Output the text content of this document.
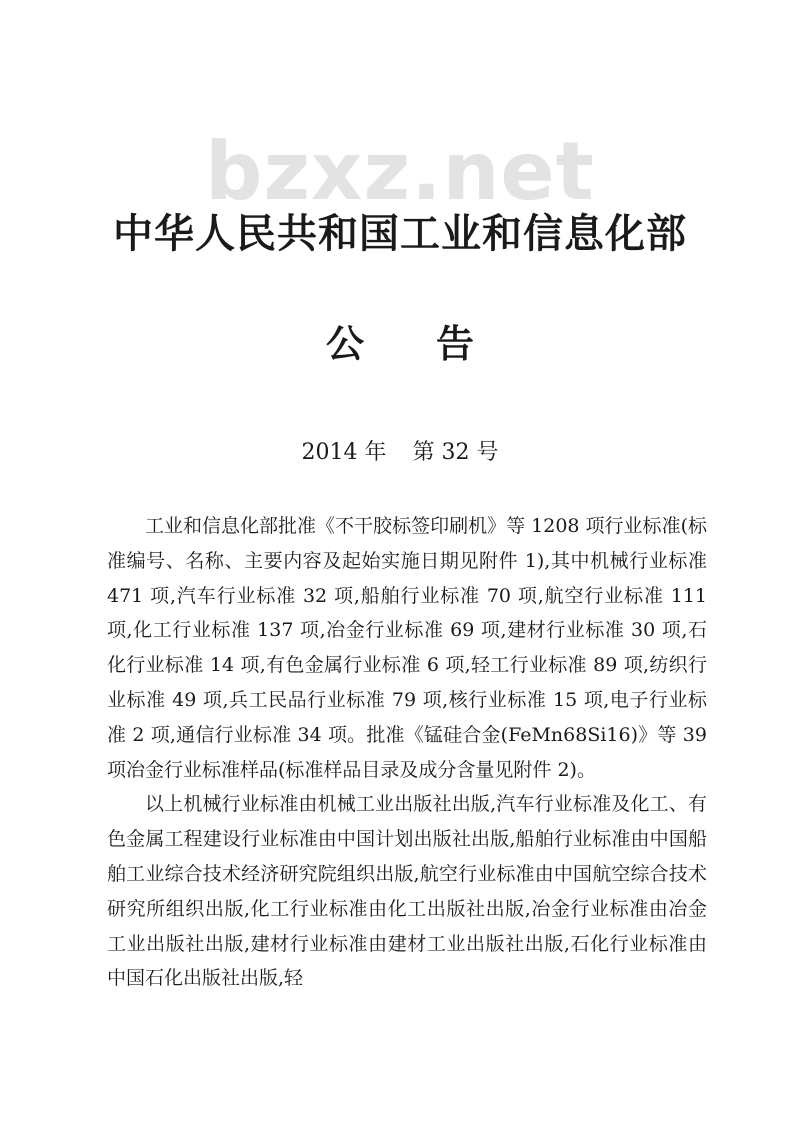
bzxz.net
中华人民共和国工业和信息化部
公 告
2014 年 第 32 号

工业和信息化部批准《不干胶标签印刷机》等 1208 项行业标准(标准编号、名称、主要内容及起始实施日期见附件 1),其中机械行业标准 471 项,汽车行业标准 32 项,船舶行业标准 70 项,航空行业标准 111 项,化工行业标准 137 项,冶金行业标准 69 项,建材行业标准 30 项,石化行业标准 14 项,有色金属行业标准 6 项,轻工行业标准 89 项,纺织行业标准 49 项,兵工民品行业标准 79 项,核行业标准 15 项,电子行业标准 2 项,通信行业标准 34 项。批准《锰硅合金(FeMn68Si16)》等 39 项冶金行业标准样品(标准样品目录及成分含量见附件 2)。

以上机械行业标准由机械工业出版社出版,汽车行业标准及化工、有色金属工程建设行业标准由中国计划出版社出版,船舶行业标准由中国船舶工业综合技术经济研究院组织出版,航空行业标准由中国航空综合技术研究所组织出版,化工行业标准由化工出版社出版,冶金行业标准由冶金工业出版社出版,建材行业标准由建材工业出版社出版,石化行业标准由中国石化出版社出版,轻
